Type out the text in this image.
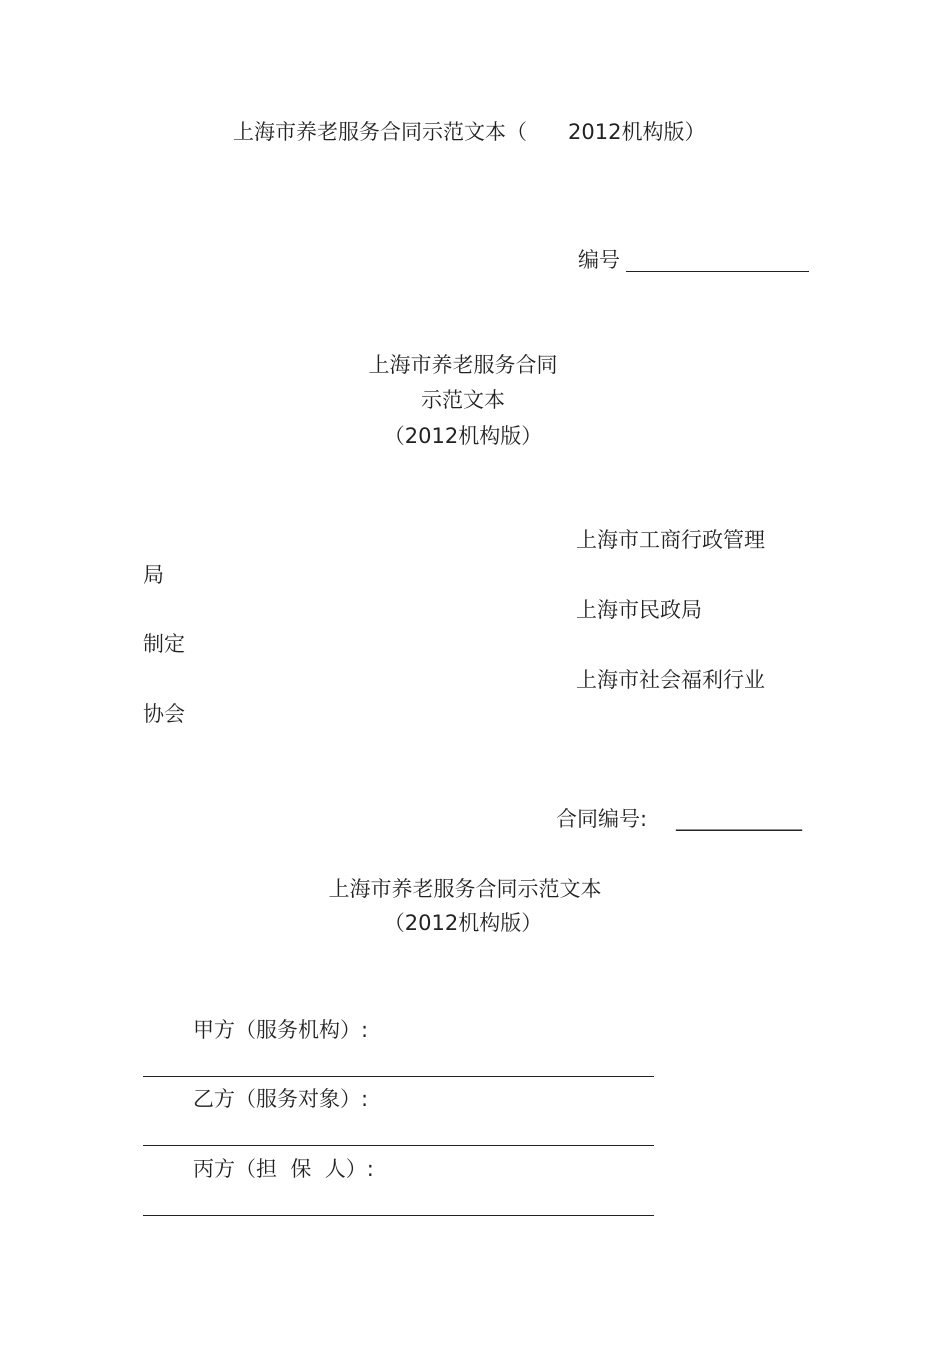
上海市养老服务合同示范文本（ 2012机构版）
编号
上海市养老服务合同
示范文本
（2012机构版）
上海市工商行政管理
局
上海市民政局
制定
上海市社会福利行业
协会
合同编号: ____________
上海市养老服务合同示范文本
（2012机构版）
甲方（服务机构）:
乙方（服务对象）:
丙方（担  保  人）:
